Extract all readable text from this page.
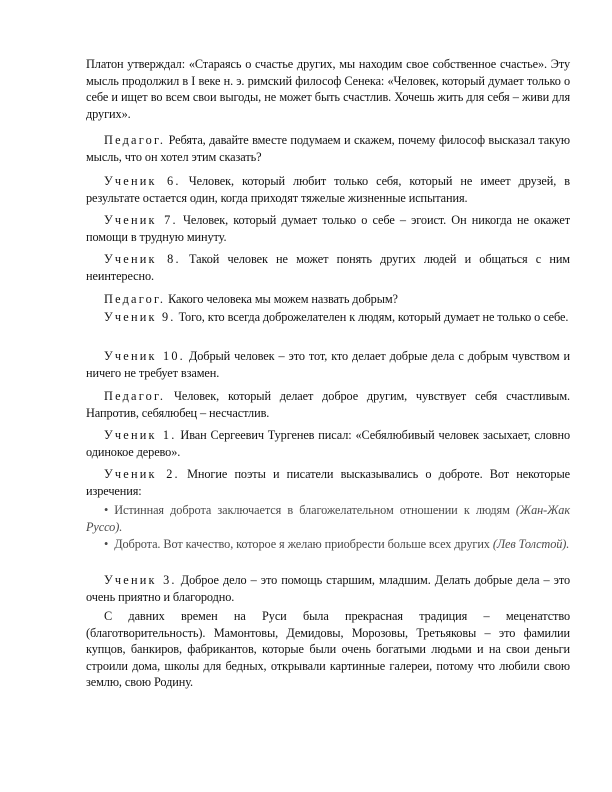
Платон утверждал: «Стараясь о счастье других, мы находим свое собственное счастье». Эту мысль продолжил в I веке н. э. римский философ Сенека: «Человек, который думает только о себе и ищет во всем свои выгоды, не может быть счастлив. Хочешь жить для себя – живи для других».

Педагог. Ребята, давайте вместе подумаем и скажем, почему философ высказал такую мысль, что он хотел этим сказать?

Ученик 6. Человек, который любит только себя, который не имеет друзей, в результате остается один, когда приходят тяжелые жизненные испытания.

Ученик 7. Человек, который думает только о себе – эгоист. Он никогда не окажет помощи в трудную минуту.

Ученик 8. Такой человек не может понять других людей и общаться с ним неинтересно.

Педагог. Какого человека мы можем назвать добрым?

Ученик 9. Того, кто всегда доброжелателен к людям, который думает не только о себе.

Ученик 10. Добрый человек – это тот, кто делает добрые дела с добрым чувством и ничего не требует взамен.

Педагог. Человек, который делает доброе другим, чувствует себя счастливым. Напротив, себялюбец – несчастлив.

Ученик 1. Иван Сергеевич Тургенев писал: «Себялюбивый человек засыхает, словно одинокое дерево».

Ученик 2. Многие поэты и писатели высказывались о доброте. Вот некоторые изречения:

• Истинная доброта заключается в благожелательном отношении к людям (Жан-Жак Руссо).

• Доброта. Вот качество, которое я желаю приобрести больше всех других (Лев Толстой).

Ученик 3. Доброе дело – это помощь старшим, младшим. Делать добрые дела – это очень приятно и благородно.

С давних времен на Руси была прекрасная традиция – меценатство (благотворительность). Мамонтовы, Демидовы, Морозовы, Третьяковы – это фамилии купцов, банкиров, фабрикантов, которые были очень богатыми людьми и на свои деньги строили дома, школы для бедных, открывали картинные галереи, потому что любили свою землю, свою Родину.
